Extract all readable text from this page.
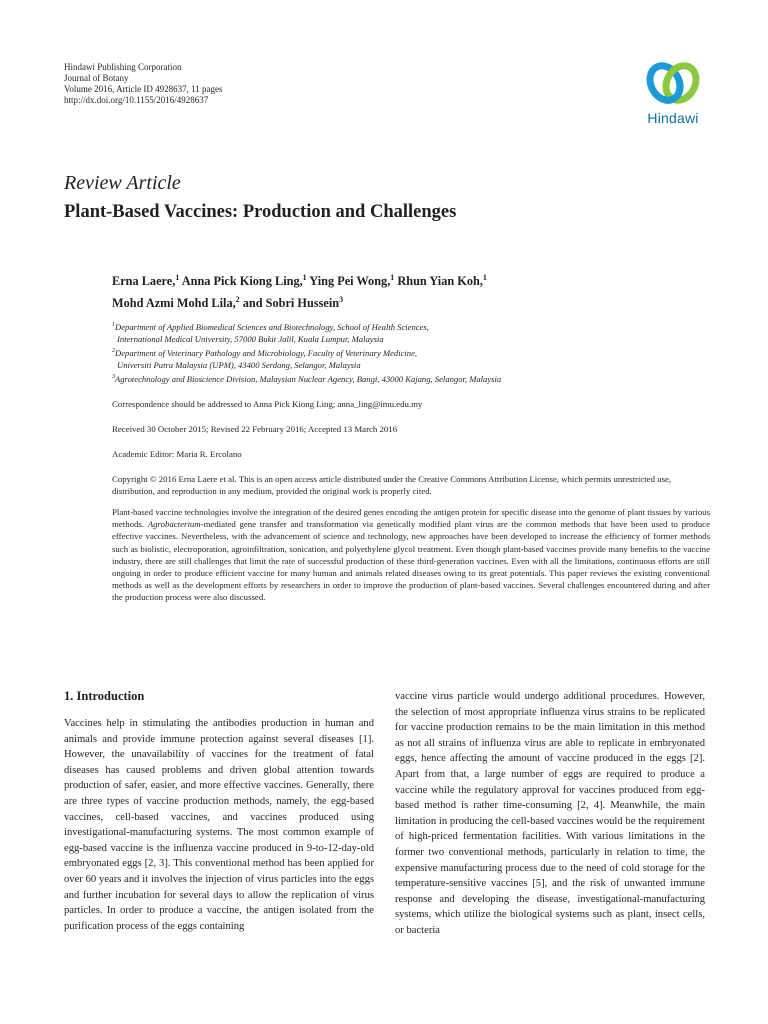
Hindawi Publishing Corporation
Journal of Botany
Volume 2016, Article ID 4928637, 11 pages
http://dx.doi.org/10.1155/2016/4928637
Hindawi
Review Article
Plant-Based Vaccines: Production and Challenges
Erna Laere,$^1$ Anna Pick Kiong Ling,$^1$ Ying Pei Wong,$^1$ Rhun Yian Koh,$^1$
Mohd Azmi Mohd Lila,$^2$ and Sobri Hussein$^3$
$^1$Department of Applied Biomedical Sciences and Biotechnology, School of Health Sciences,
International Medical University, 57000 Bukit Jalil, Kuala Lumpur, Malaysia
$^2$Department of Veterinary Pathology and Microbiology, Faculty of Veterinary Medicine,
Universiti Putra Malaysia (UPM), 43400 Serdang, Selangor, Malaysia
$^3$Agrotechnology and Bioscience Division, Malaysian Nuclear Agency, Bangi, 43000 Kajang, Selangor, Malaysia
Correspondence should be addressed to Anna Pick Kiong Ling; anna_ling@imu.edu.my
Received 30 October 2015; Revised 22 February 2016; Accepted 13 March 2016
Academic Editor: Maria R. Ercolano
Copyright © 2016 Erna Laere et al. This is an open access article distributed under the Creative Commons Attribution License, which permits unrestricted use, distribution, and reproduction in any medium, provided the original work is properly cited.
Plant-based vaccine technologies involve the integration of the desired genes encoding the antigen protein for specific disease into the genome of plant tissues by various methods. Agrobacterium-mediated gene transfer and transformation via genetically modified plant virus are the common methods that have been used to produce effective vaccines. Nevertheless, with the advancement of science and technology, new approaches have been developed to increase the efficiency of former methods such as biolistic, electroporation, agroinfiltration, sonication, and polyethylene glycol treatment. Even though plant-based vaccines provide many benefits to the vaccine industry, there are still challenges that limit the rate of successful production of these third-generation vaccines. Even with all the limitations, continuous efforts are still ongoing in order to produce efficient vaccine for many human and animals related diseases owing to its great potentials. This paper reviews the existing conventional methods as well as the development efforts by researchers in order to improve the production of plant-based vaccines. Several challenges encountered during and after the production process were also discussed.
1. Introduction
Vaccines help in stimulating the antibodies production in human and animals and provide immune protection against several diseases [1]. However, the unavailability of vaccines for the treatment of fatal diseases has caused problems and driven global attention towards production of safer, easier, and more effective vaccines. Generally, there are three types of vaccine production methods, namely, the egg-based vaccines, cell-based vaccines, and vaccines produced using investigational-manufacturing systems. The most common example of egg-based vaccine is the influenza vaccine produced in 9-to-12-day-old embryonated eggs [2, 3]. This conventional method has been applied for over 60 years and it involves the injection of virus particles into the eggs and further incubation for several days to allow the replication of virus particles. In order to produce a vaccine, the antigen isolated from the purification process of the eggs containing
vaccine virus particle would undergo additional procedures. However, the selection of most appropriate influenza virus strains to be replicated for vaccine production remains to be the main limitation in this method as not all strains of influenza virus are able to replicate in embryonated eggs, hence affecting the amount of vaccine produced in the eggs [2]. Apart from that, a large number of eggs are required to produce a vaccine while the regulatory approval for vaccines produced from egg-based method is rather time-consuming [2, 4]. Meanwhile, the main limitation in producing the cell-based vaccines would be the requirement of high-priced fermentation facilities. With various limitations in the former two conventional methods, particularly in relation to time, the expensive manufacturing process due to the need of cold storage for the temperature-sensitive vaccines [5], and the risk of unwanted immune response and developing the disease, investigational-manufacturing systems, which utilize the biological systems such as plant, insect cells, or bacteria
